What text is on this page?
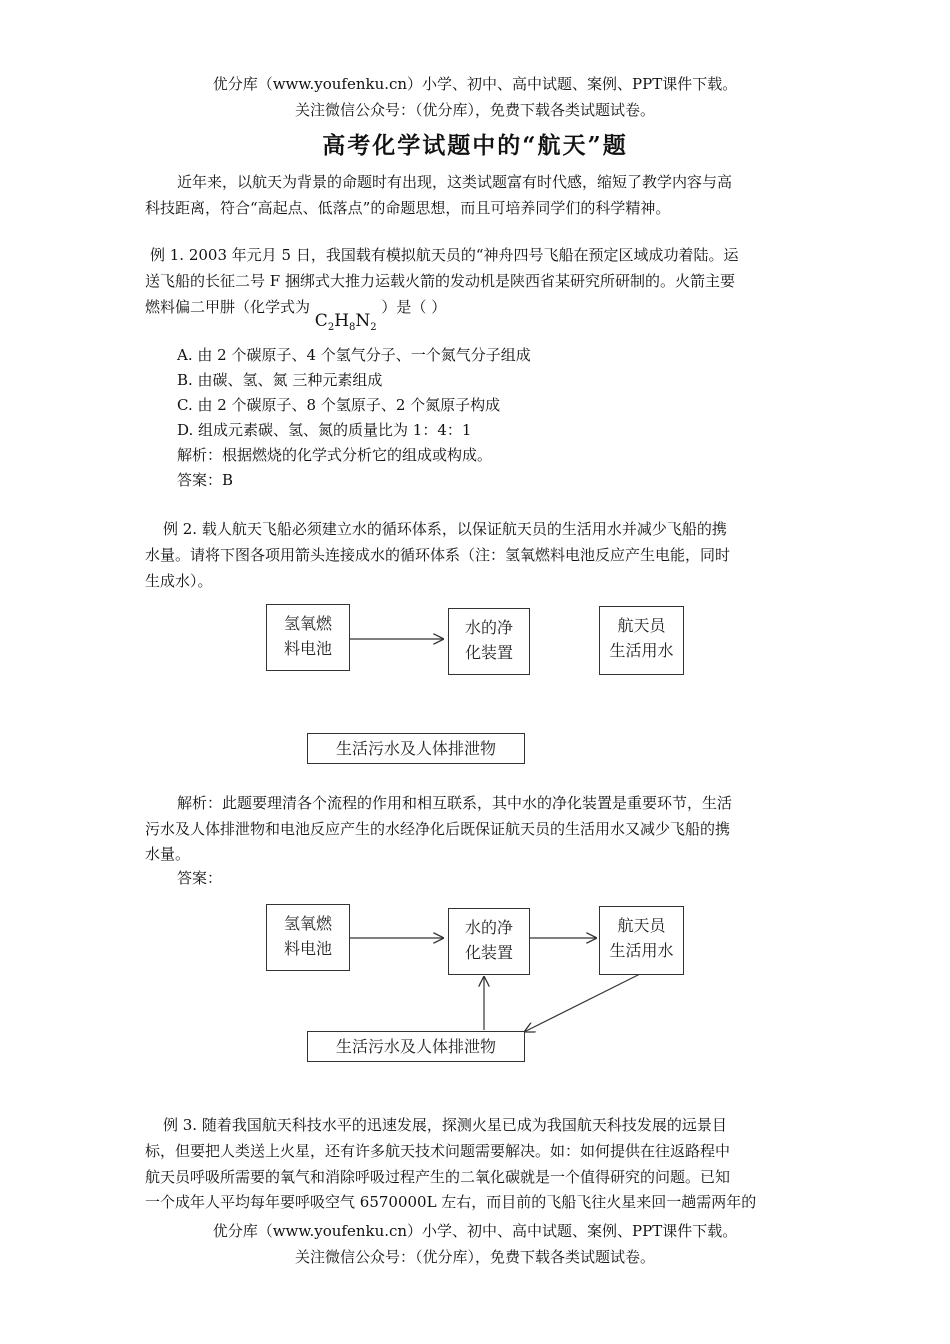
优分库（www.youfenku.cn）小学、初中、高中试题、案例、PPT课件下载。
关注微信公众号：（优分库），免费下载各类试题试卷。
高考化学试题中的“航天”题
近年来，以航天为背景的命题时有出现，这类试题富有时代感，缩短了教学内容与高
科技距离，符合“高起点、低落点”的命题思想，而且可培养同学们的科学精神。
例 1. 2003 年元月 5 日，我国载有模拟航天员的“神舟四号飞船在预定区域成功着陆。运
送飞船的长征二号 F 捆绑式大推力运载火箭的发动机是陕西省某研究所研制的。火箭主要
燃料偏二甲肼（化学式为 $C_2H_8N_2$ ）是（ ）
A. 由 2 个碳原子、4 个氢气分子、一个氮气分子组成
B. 由碳、氢、氮 三种元素组成
C. 由 2 个碳原子、8 个氢原子、2 个氮原子构成
D. 组成元素碳、氢、氮的质量比为 1：4：1
解析：根据燃烧的化学式分析它的组成或构成。
答案：B
例 2. 载人航天飞船必须建立水的循环体系，以保证航天员的生活用水并减少飞船的携
水量。请将下图各项用箭头连接成水的循环体系（注：氢氧燃料电池反应产生电能，同时
生成水）。
氢氧燃
料电池
水的净
化装置
航天员
生活用水
生活污水及人体排泄物
解析：此题要理清各个流程的作用和相互联系，其中水的净化装置是重要环节，生活
污水及人体排泄物和电池反应产生的水经净化后既保证航天员的生活用水又减少飞船的携
水量。
答案：
氢氧燃
料电池
水的净
化装置
航天员
生活用水
生活污水及人体排泄物
例 3. 随着我国航天科技水平的迅速发展，探测火星已成为我国航天科技发展的远景目
标，但要把人类送上火星，还有许多航天技术问题需要解决。如：如何提供在往返路程中
航天员呼吸所需要的氧气和消除呼吸过程产生的二氧化碳就是一个值得研究的问题。已知
一个成年人平均每年要呼吸空气 6570000L 左右，而目前的飞船飞往火星来回一趟需两年的
优分库（www.youfenku.cn）小学、初中、高中试题、案例、PPT课件下载。
关注微信公众号：（优分库），免费下载各类试题试卷。
